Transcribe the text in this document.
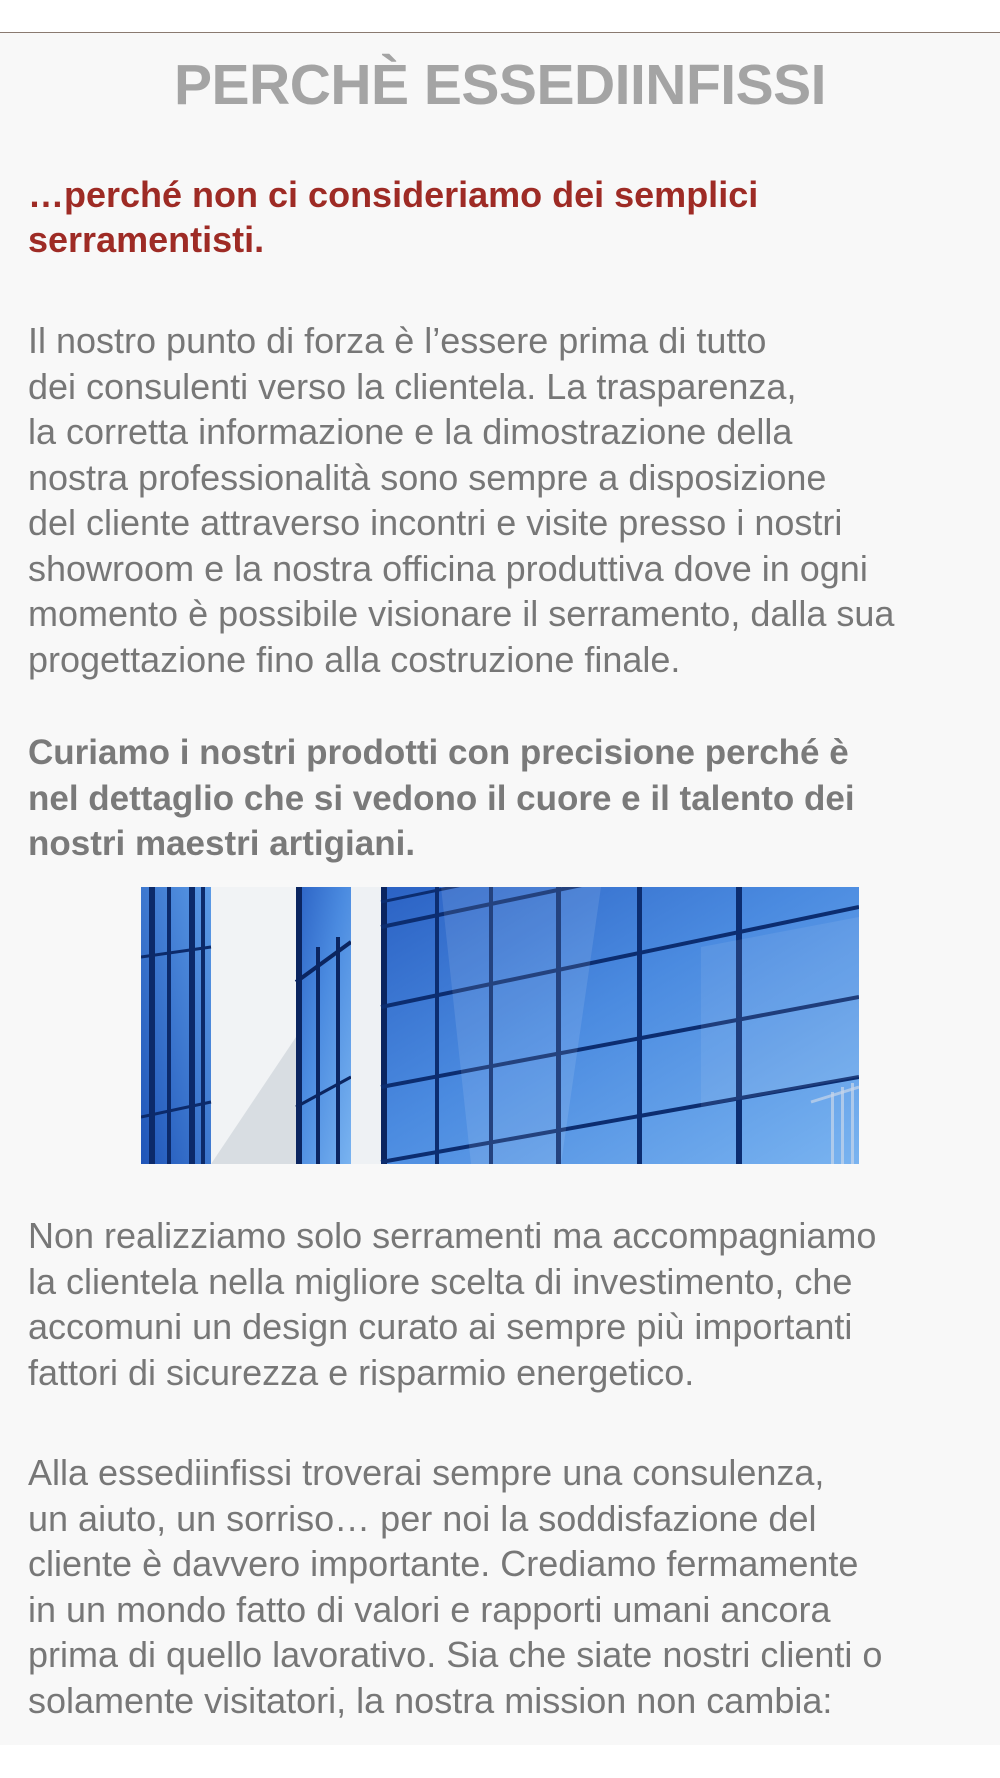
PERCHÈ ESSEDIINFISSI
…perché non ci consideriamo dei semplici
serramentisti.
Il nostro punto di forza è l’essere prima di tutto
dei consulenti verso la clientela. La trasparenza,
la corretta informazione e la dimostrazione della
nostra professionalità sono sempre a disposizione
del cliente attraverso incontri e visite presso i nostri
showroom e la nostra officina produttiva dove in ogni
momento è possibile visionare il serramento, dalla sua
progettazione fino alla costruzione finale.
Curiamo i nostri prodotti con precisione perché è
nel dettaglio che si vedono il cuore e il talento dei
nostri maestri artigiani.
Non realizziamo solo serramenti ma accompagniamo
la clientela nella migliore scelta di investimento, che
accomuni un design curato ai sempre più importanti
fattori di sicurezza e risparmio energetico.
Alla essediinfissi troverai sempre una consulenza,
un aiuto, un sorriso… per noi la soddisfazione del
cliente è davvero importante. Crediamo fermamente
in un mondo fatto di valori e rapporti umani ancora
prima di quello lavorativo. Sia che siate nostri clienti o
solamente visitatori, la nostra mission non cambia:
